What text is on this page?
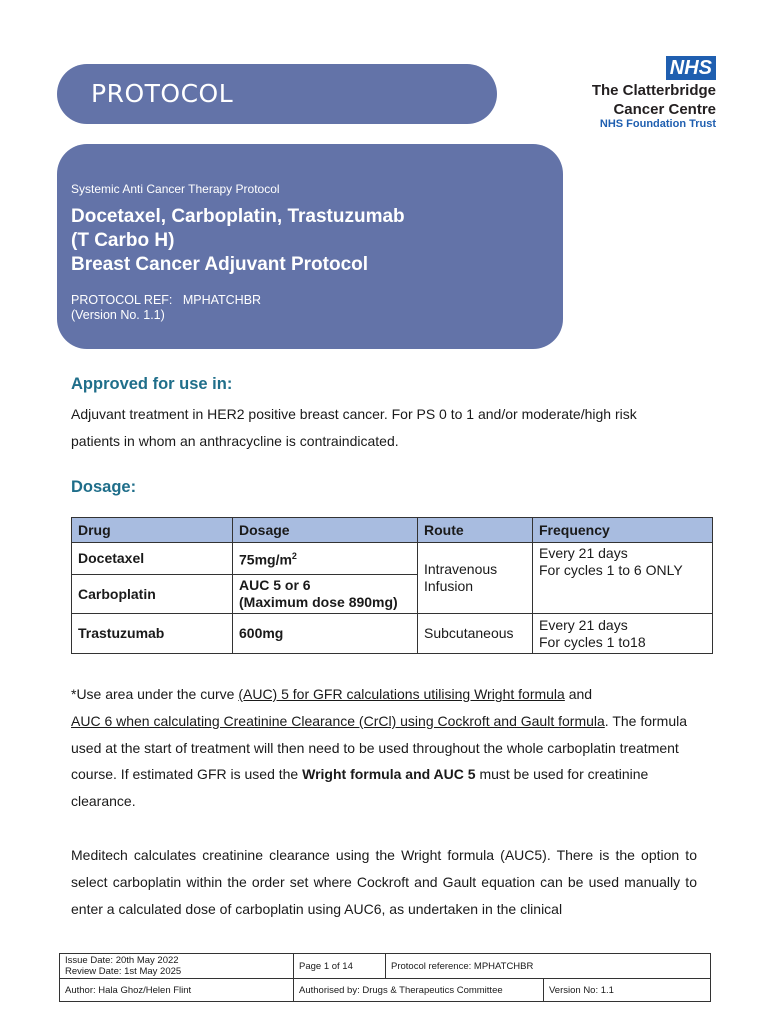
PROTOCOL
NHS
The Clatterbridge
Cancer Centre
NHS Foundation Trust
Systemic Anti Cancer Therapy Protocol
Docetaxel, Carboplatin, Trastuzumab
(T Carbo H)
Breast Cancer Adjuvant Protocol
PROTOCOL REF:   MPHATCHBR
(Version No. 1.1)
Approved for use in:
Adjuvant treatment in HER2 positive breast cancer. For PS 0 to 1 and/or moderate/high risk
patients in whom an anthracycline is contraindicated.
Dosage:
Drug	Dosage	Route	Frequency
Docetaxel	$75mg/m^2$	Intravenous Infusion	Every 21 days
For cycles 1 to 6 ONLY

Carboplatin	AUC 5 or 6
(Maximum dose 890mg)		

Trastuzumab	600mg	Subcutaneous	Every 21 days
For cycles 1 to18
*Use area under the curve (AUC) 5 for GFR calculations utilising Wright formula and
AUC 6 when calculating Creatinine Clearance (CrCl) using Cockroft and Gault formula. The formula used at the start of treatment will then need to be used throughout the whole carboplatin treatment course. If estimated GFR is used the Wright formula and AUC 5 must be used for creatinine clearance.
Meditech calculates creatinine clearance using the Wright formula (AUC5). There is the option to select carboplatin within the order set where Cockroft and Gault equation can be used manually to enter a calculated dose of carboplatin using AUC6, as undertaken in the clinical
Issue Date: 20th May 2022
Review Date: 1st May 2025	Page 1 of 14	Protocol reference: MPHATCHBR	
Author: Hala Ghoz/Helen Flint	Authorised by: Drugs & Therapeutics Committee		Version No: 1.1
